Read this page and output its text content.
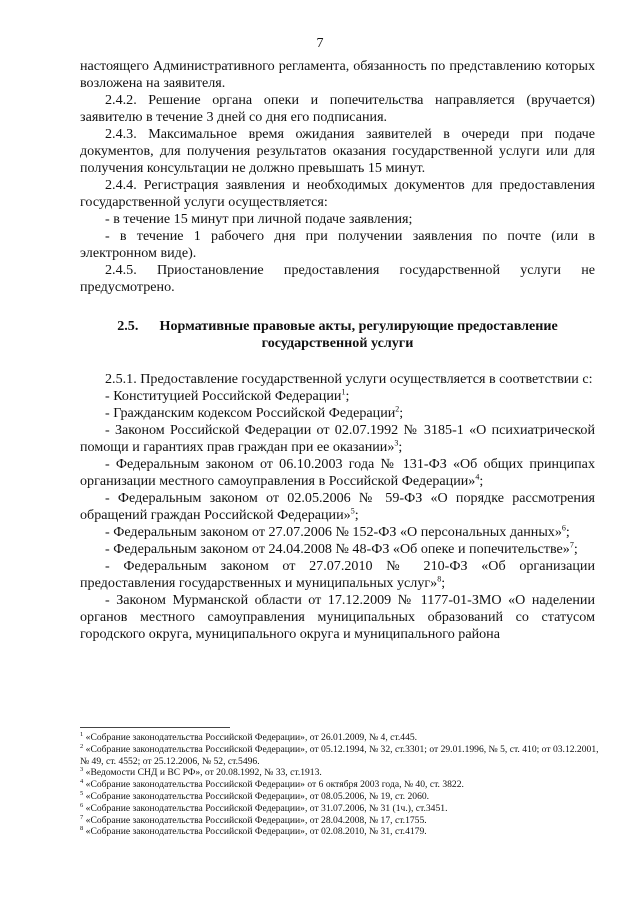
7

настоящего Административного регламента, обязанность по представлению которых возложена на заявителя.

2.4.2. Решение органа опеки и попечительства направляется (вручается) заявителю в течение 3 дней со дня его подписания.

2.4.3. Максимальное время ожидания заявителей в очереди при подаче документов, для получения результатов оказания государственной услуги или для получения консультации не должно превышать 15 минут.

2.4.4. Регистрация заявления и необходимых документов для предоставления государственной услуги осуществляется:

- в течение 15 минут при личной подаче заявления;

- в течение 1 рабочего дня при получении заявления по почте (или в электронном виде).

2.4.5. Приостановление предоставления государственной услуги не предусмотрено.

2.5.      Нормативные правовые акты, регулирующие предоставление государственной услуги

2.5.1. Предоставление государственной услуги осуществляется в соответствии с:

- Конституцией Российской Федерации$^1$;

- Гражданским кодексом Российской Федерации$^2$;

- Законом Российской Федерации от 02.07.1992 № 3185-1 «О психиатрической помощи и гарантиях прав граждан при ее оказании»$^3$;

- Федеральным законом от 06.10.2003 года № 131-ФЗ «Об общих принципах организации местного самоуправления в Российской Федерации»$^4$;

- Федеральным законом от 02.05.2006 № 59-ФЗ «О порядке рассмотрения обращений граждан Российской Федерации»$^5$;

- Федеральным законом от 27.07.2006 № 152-ФЗ «О персональных данных»$^6$;

- Федеральным законом от 24.04.2008 № 48-ФЗ «Об опеке и попечительстве»$^7$;

- Федеральным законом от 27.07.2010 № 210-ФЗ «Об организации предоставления государственных и муниципальных услуг»$^8$;

- Законом Мурманской области от 17.12.2009 № 1177-01-ЗМО «О наделении органов местного самоуправления муниципальных образований со статусом городского округа, муниципального округа и муниципального района

$^1$ «Собрание законодательства Российской Федерации», от 26.01.2009, № 4, ст.445.

$^2$ «Собрание законодательства Российской Федерации», от 05.12.1994, № 32, ст.3301; от 29.01.1996, № 5, ст. 410; от 03.12.2001, № 49, ст. 4552; от 25.12.2006, № 52, ст.5496.

$^3$ «Ведомости СНД и ВС РФ», от 20.08.1992, № 33, ст.1913.

$^4$ «Собрание законодательства Российской Федерации» от 6 октября 2003 года, № 40, ст. 3822.

$^5$ «Собрание законодательства Российской Федерации», от 08.05.2006, № 19, ст. 2060.

$^6$ «Собрание законодательства Российской Федерации», от 31.07.2006, № 31 (1ч.), ст.3451.

$^7$ «Собрание законодательства Российской Федерации», от 28.04.2008, № 17, ст.1755.

$^8$ «Собрание законодательства Российской Федерации», от 02.08.2010, № 31, ст.4179.
